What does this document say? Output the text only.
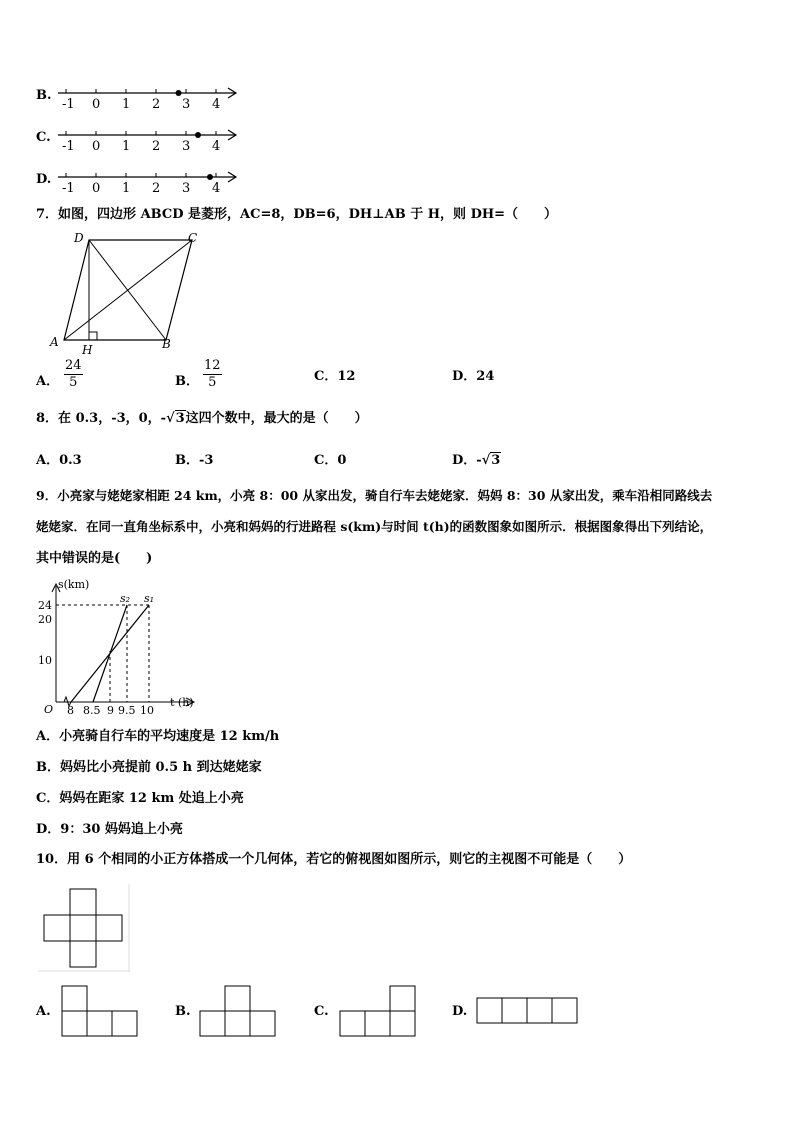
B.
-1 0 1 2 3 4
C.
-1 0 1 2 3 4
D.
-1 0 1 2 3 4
7．如图，四边形 ABCD 是菱形，AC=8，DB=6，DH⊥AB 于 H，则 DH=（　　）
A	B
C
D
H
A． $\frac{24}{5}$	B． $\frac{12}{5}$	C．12	D．24
8．在 0.3，-3，0，-√3这四个数中，最大的是（　　）
A．0.3	B．-3	C．0	D．-√3
9．小亮家与姥姥家相距 24 km，小亮 8：00 从家出发，骑自行车去姥姥家．妈妈 8：30 从家出发，乘车沿相同路线去
姥姥家．在同一直角坐标系中，小亮和妈妈的行进路程 s(km)与时间 t(h)的函数图象如图所示．根据图象得出下列结论，
其中错误的是(　　)
s(km)
t (h)
O
24
20
10
8 8.5 9 9.5 10
s₂ s₁
A．小亮骑自行车的平均速度是 12 km/h
B．妈妈比小亮提前 0.5 h 到达姥姥家
C．妈妈在距家 12 km 处追上小亮
D．9：30 妈妈追上小亮
10．用 6 个相同的小正方体搭成一个几何体，若它的俯视图如图所示，则它的主视图不可能是（　　）
A.	B.	C.	D.
